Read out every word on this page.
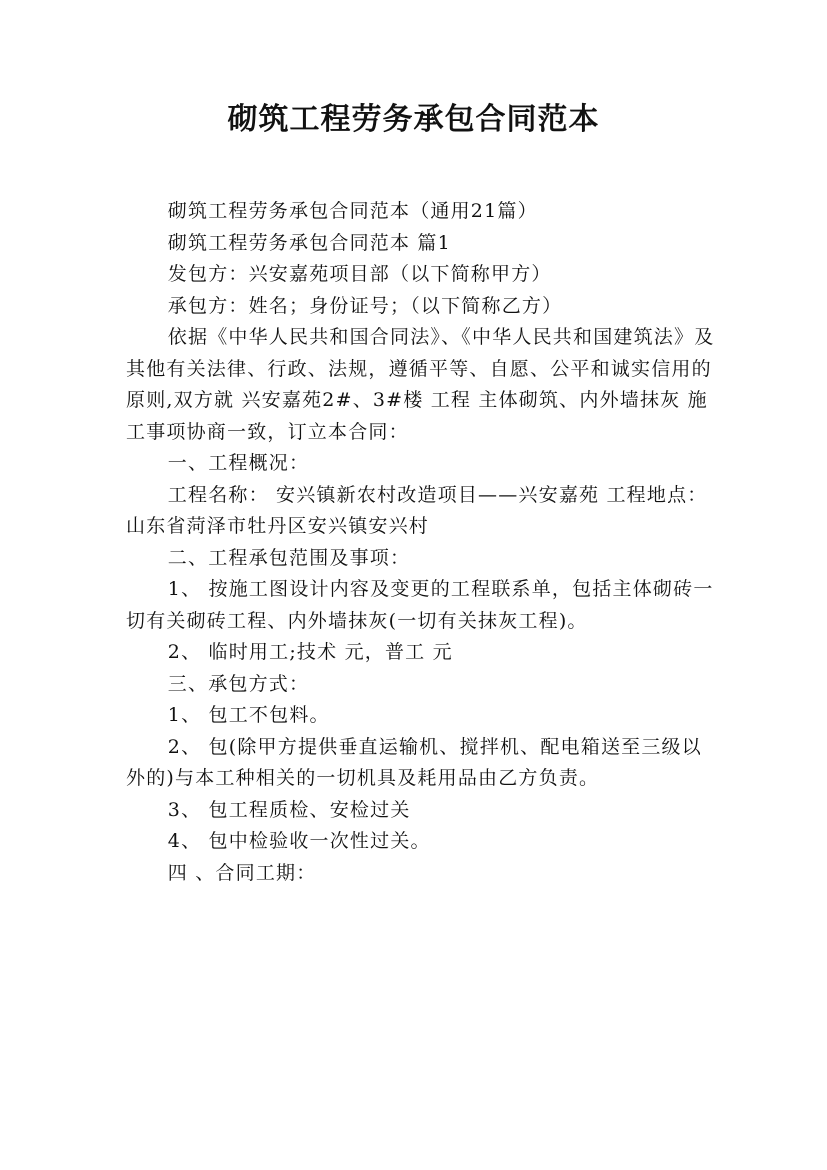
砌筑工程劳务承包合同范本

砌筑工程劳务承包合同范本（通用21篇）

砌筑工程劳务承包合同范本 篇1

发包方：兴安嘉苑项目部（以下简称甲方）

承包方：姓名；身份证号；（以下简称乙方）

依据《中华人民共和国合同法》、《中华人民共和国建筑法》及其他有关法律、行政、法规，遵循平等、自愿、公平和诚实信用的原则,双方就 兴安嘉苑2#、3#楼 工程 主体砌筑、内外墙抹灰 施工事项协商一致，订立本合同：

一、工程概况：

工程名称： 安兴镇新农村改造项目——兴安嘉苑 工程地点： 山东省菏泽市牡丹区安兴镇安兴村

二、工程承包范围及事项：

1、 按施工图设计内容及变更的工程联系单，包括主体砌砖一切有关砌砖工程、内外墙抹灰(一切有关抹灰工程)。

2、 临时用工;技术 元，普工 元

三、承包方式：

1、 包工不包料。

2、 包(除甲方提供垂直运输机、搅拌机、配电箱送至三级以外的)与本工种相关的一切机具及耗用品由乙方负责。

3、 包工程质检、安检过关

4、 包中检验收一次性过关。

四 、合同工期：
